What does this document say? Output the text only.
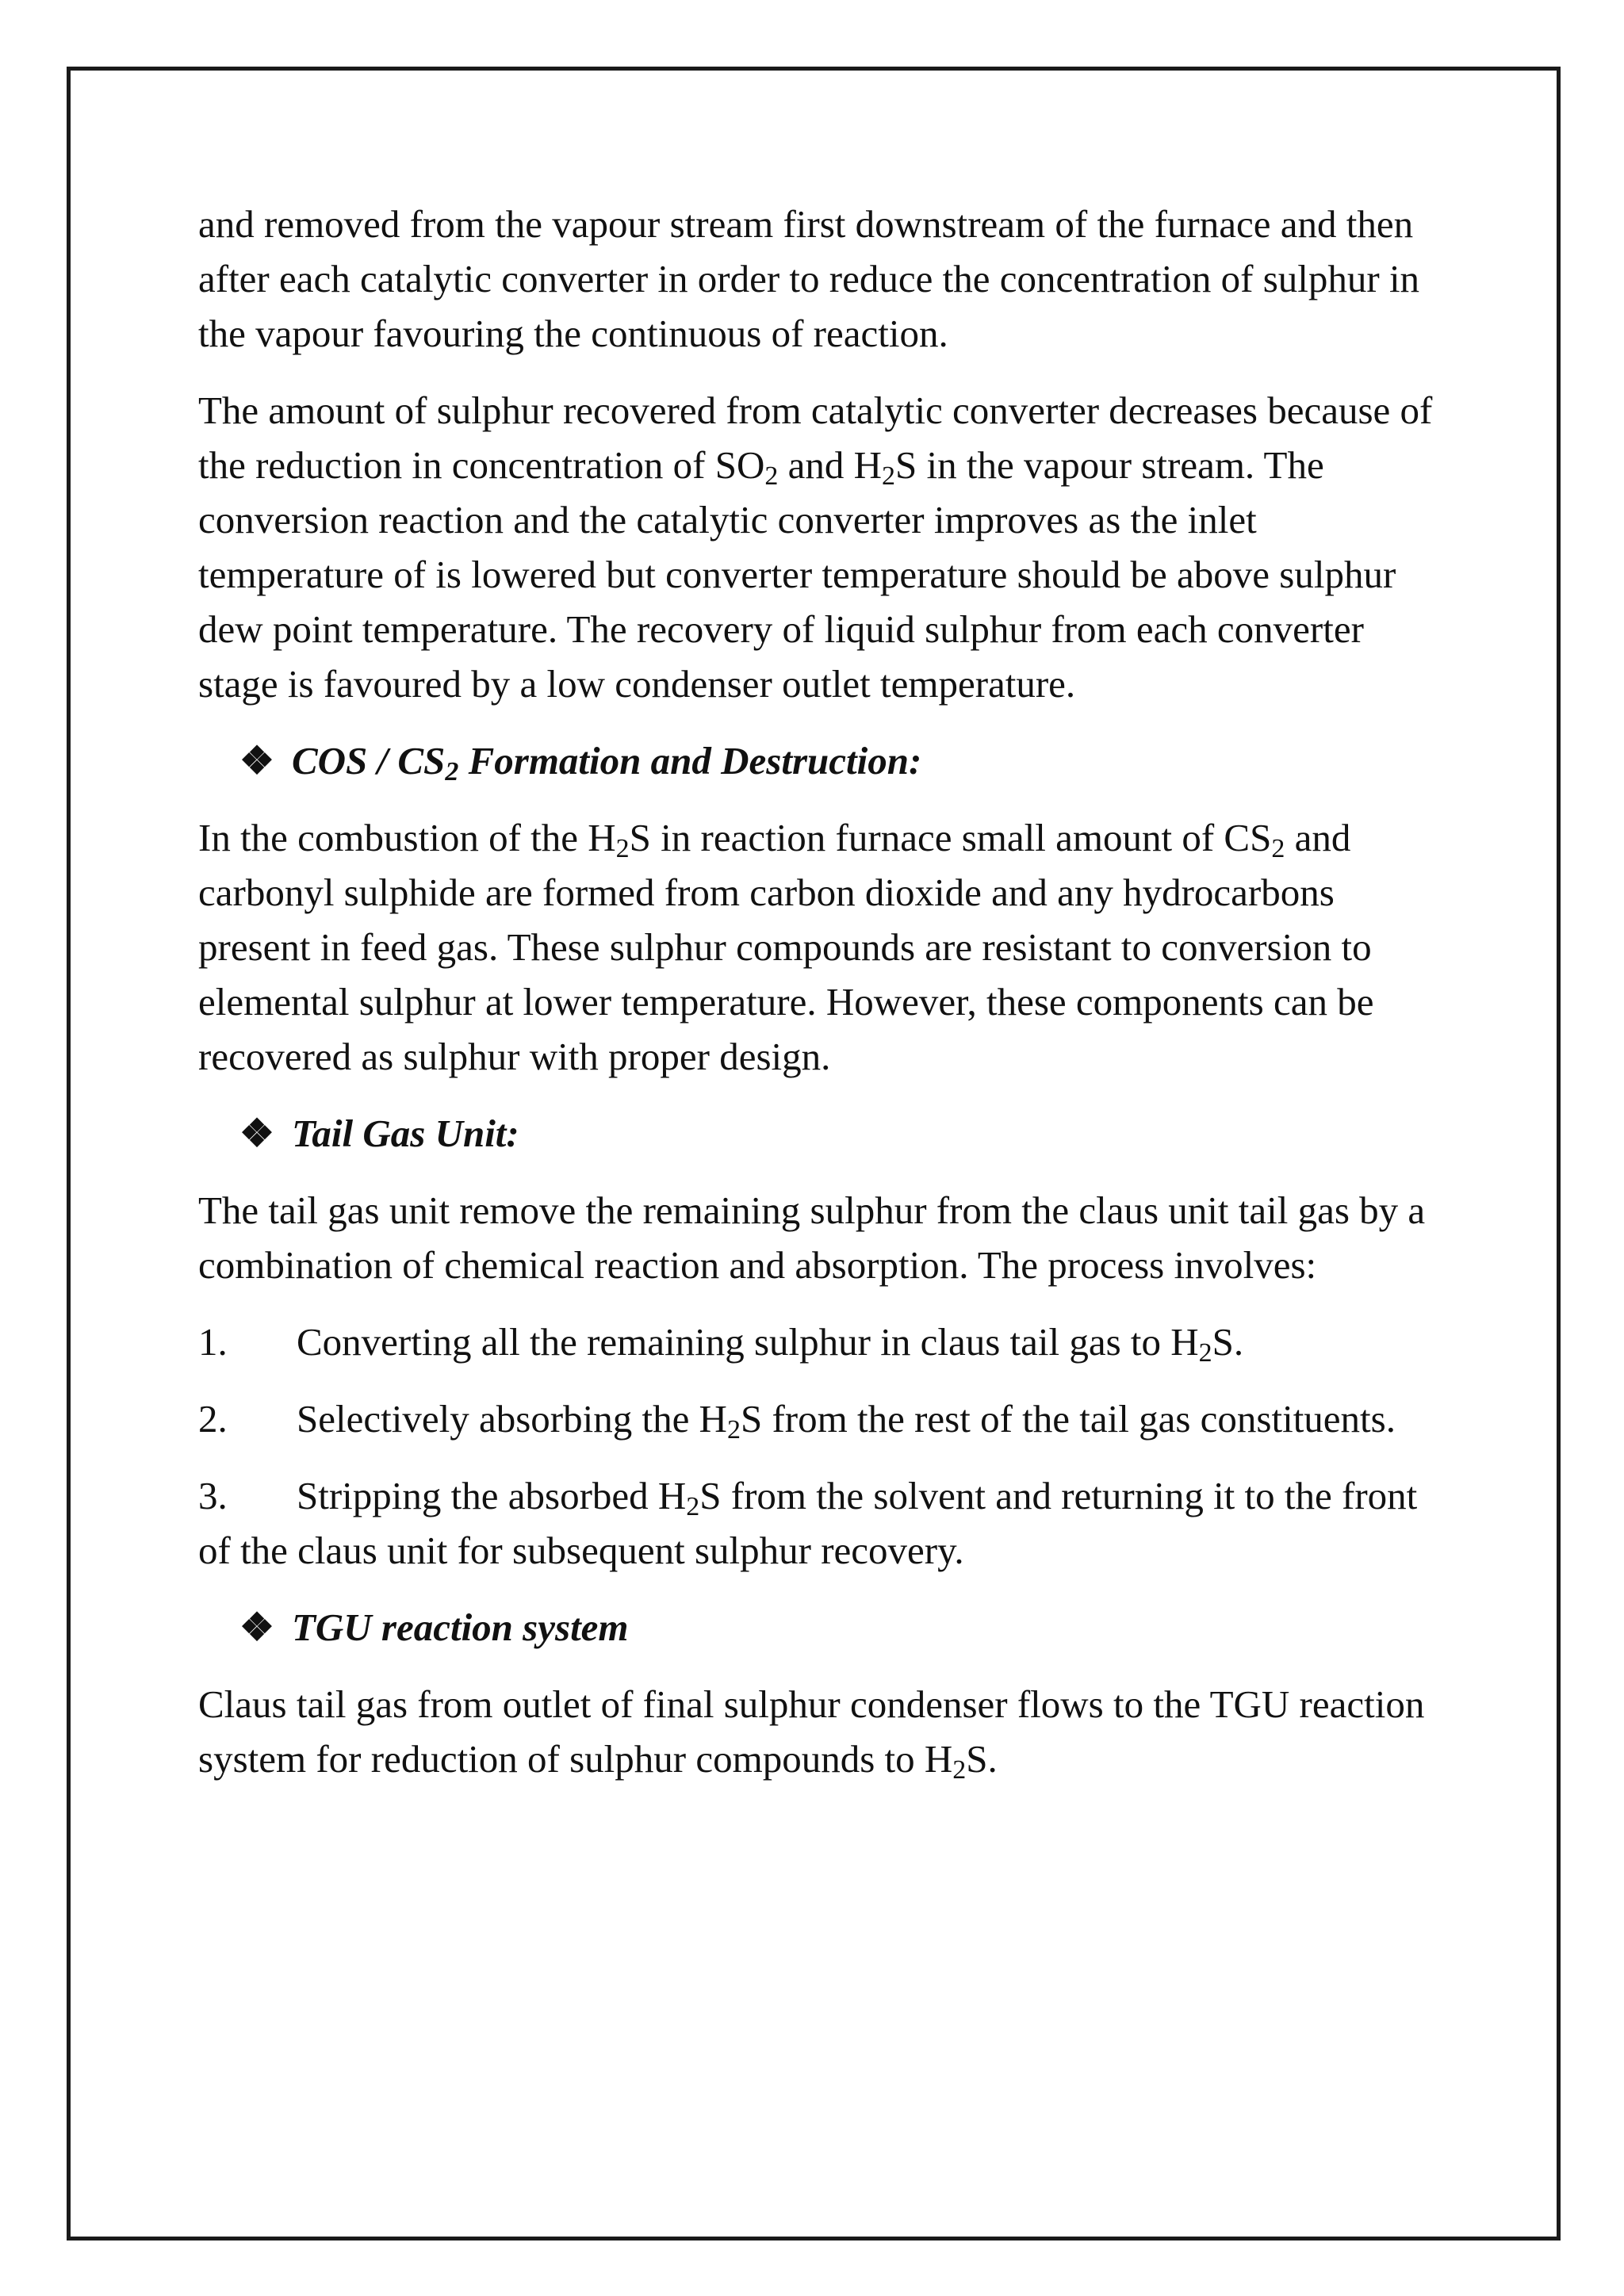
and removed from the vapour stream first downstream of the furnace and then after each catalytic converter in order to reduce the concentration of sulphur in the vapour favouring the continuous of reaction.

The amount of sulphur recovered from catalytic converter decreases because of the reduction in concentration of $SO_2$ and $H_2S$ in the vapour stream. The conversion reaction and the catalytic converter improves as the inlet temperature of is lowered but converter temperature should be above sulphur dew point temperature. The recovery of liquid sulphur from each converter stage is favoured by a low condenser outlet temperature.

❖ COS / $CS_2$ Formation and Destruction:

In the combustion of the $H_2S$ in reaction furnace small amount of $CS_2$ and carbonyl sulphide are formed from carbon dioxide and any hydrocarbons present in feed gas. These sulphur compounds are resistant to conversion to elemental sulphur at lower temperature. However, these components can be recovered as sulphur with proper design.

❖ Tail Gas Unit:

The tail gas unit remove the remaining sulphur from the claus unit tail gas by a combination of chemical reaction and absorption. The process involves:

1. Converting all the remaining sulphur in claus tail gas to $H_2S$.

2. Selectively absorbing the $H_2S$ from the rest of the tail gas constituents.

3. Stripping the absorbed $H_2S$ from the solvent and returning it to the front of the claus unit for subsequent sulphur recovery.

❖ TGU reaction system

Claus tail gas from outlet of final sulphur condenser flows to the TGU reaction system for reduction of sulphur compounds to $H_2S$.
